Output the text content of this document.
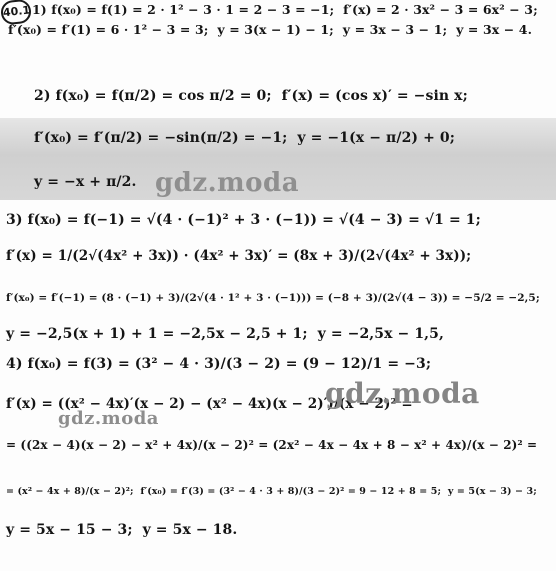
40.1 1) f(x₀) = f(1) = 2 · 1² − 3 · 1 = 2 − 3 = −1;  f′(x) = 2 · 3x² − 3 = 6x² − 3;
f′(x₀) = f′(1) = 6 · 1² − 3 = 3;  y = 3(x − 1) − 1;  y = 3x − 3 − 1;  y = 3x − 4.
2) f(x₀) = f(π/2) = cos π/2 = 0;  f′(x) = (cos x)′ = −sin x;
f′(x₀) = f′(π/2) = −sin(π/2) = −1;  y = −1(x − π/2) + 0;
y = −x + π/2.
3) f(x₀) = f(−1) = √(4 · (−1)² + 3 · (−1)) = √(4 − 3) = √1 = 1;
f′(x) = 1/(2√(4x² + 3x)) · (4x² + 3x)′ = (8x + 3)/(2√(4x² + 3x));
f′(x₀) = f′(−1) = (8 · (−1) + 3)/(2√(4 · 1² + 3 · (−1))) = (−8 + 3)/(2√(4 − 3)) = −5/2 = −2,5;
y = −2,5(x + 1) + 1 = −2,5x − 2,5 + 1;  y = −2,5x − 1,5,
4) f(x₀) = f(3) = (3² − 4 · 3)/(3 − 2) = (9 − 12)/1 = −3;
f′(x) = ((x² − 4x)′(x − 2) − (x² − 4x)(x − 2)′)/(x − 2)² =
= ((2x − 4)(x − 2) − x² + 4x)/(x − 2)² = (2x² − 4x − 4x + 8 − x² + 4x)/(x − 2)² =
= (x² − 4x + 8)/(x − 2)²;  f′(x₀) = f′(3) = (3² − 4 · 3 + 8)/(3 − 2)² = 9 − 12 + 8 = 5;  y = 5(x − 3) − 3;
y = 5x − 15 − 3;  y = 5x − 18.
gdz.moda
gdz.moda
gdz.moda
